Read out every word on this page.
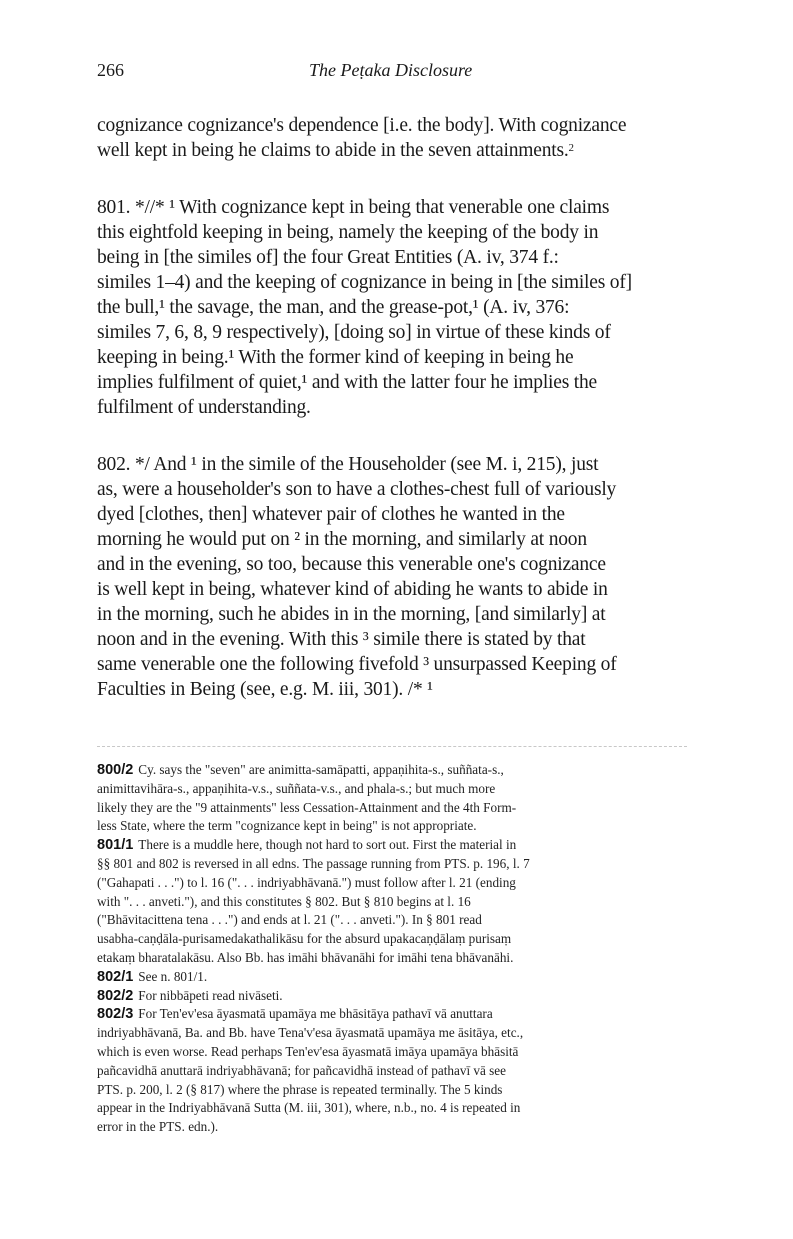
266	The Peṭaka Disclosure
cognizance cognizance's dependence [i.e. the body]. With cognizance
well kept in being he claims to abide in the seven attainments.$^2$
801. *//* ¹ With cognizance kept in being that venerable one claims
this eightfold keeping in being, namely the keeping of the body in
being in [the similes of] the four Great Entities (A. iv, 374 f.:
similes 1–4) and the keeping of cognizance in being in [the similes of]
the bull,¹ the savage, the man, and the grease-pot,¹ (A. iv, 376:
similes 7, 6, 8, 9 respectively), [doing so] in virtue of these kinds of
keeping in being.¹ With the former kind of keeping in being he
implies fulfilment of quiet,¹ and with the latter four he implies the
fulfilment of understanding.
802. */ And ¹ in the simile of the Householder (see M. i, 215), just
as, were a householder's son to have a clothes-chest full of variously
dyed [clothes, then] whatever pair of clothes he wanted in the
morning he would put on ² in the morning, and similarly at noon
and in the evening, so too, because this venerable one's cognizance
is well kept in being, whatever kind of abiding he wants to abide in
in the morning, such he abides in in the morning, [and similarly] at
noon and in the evening. With this ³ simile there is stated by that
same venerable one the following fivefold ³ unsurpassed Keeping of
Faculties in Being (see, e.g. M. iii, 301). /* ¹
800/2 Cy. says the "seven" are animitta-samāpatti, appaṇihita-s., suññata-s.,
animittavihāra-s., appaṇihita-v.s., suññata-v.s., and phala-s.; but much more
likely they are the "9 attainments" less Cessation-Attainment and the 4th Form-
less State, where the term "cognizance kept in being" is not appropriate.
801/1 There is a muddle here, though not hard to sort out. First the material in
§§ 801 and 802 is reversed in all edns. The passage running from PTS. p. 196, l. 7
("Gahapati . . .") to l. 16 (". . . indriyabhāvanā.") must follow after l. 21 (ending
with ". . . anveti."), and this constitutes § 802. But § 810 begins at l. 16
("Bhāvitacittena tena . . .") and ends at l. 21 (". . . anveti."). In § 801 read
usabha-caṇḍāla-purisamedakathalikāsu for the absurd upakacaṇḍālaṃ purisaṃ
etakaṃ bharatalakāsu. Also Bb. has imāhi bhāvanāhi for imāhi tena bhāvanāhi.
802/1 See n. 801/1.
802/2 For nibbāpeti read nivāseti.
802/3 For Ten'ev'esa āyasmatā upamāya me bhāsitāya pathavī vā anuttara
indriyabhāvanā, Ba. and Bb. have Tena'v'esa āyasmatā upamāya me āsitāya, etc.,
which is even worse. Read perhaps Ten'ev'esa āyasmatā imāya upamāya bhāsitā
pañcavidhā anuttarā indriyabhāvanā; for pañcavidhā instead of pathavī vā see
PTS. p. 200, l. 2 (§ 817) where the phrase is repeated terminally. The 5 kinds
appear in the Indriyabhāvanā Sutta (M. iii, 301), where, n.b., no. 4 is repeated in
error in the PTS. edn.).
